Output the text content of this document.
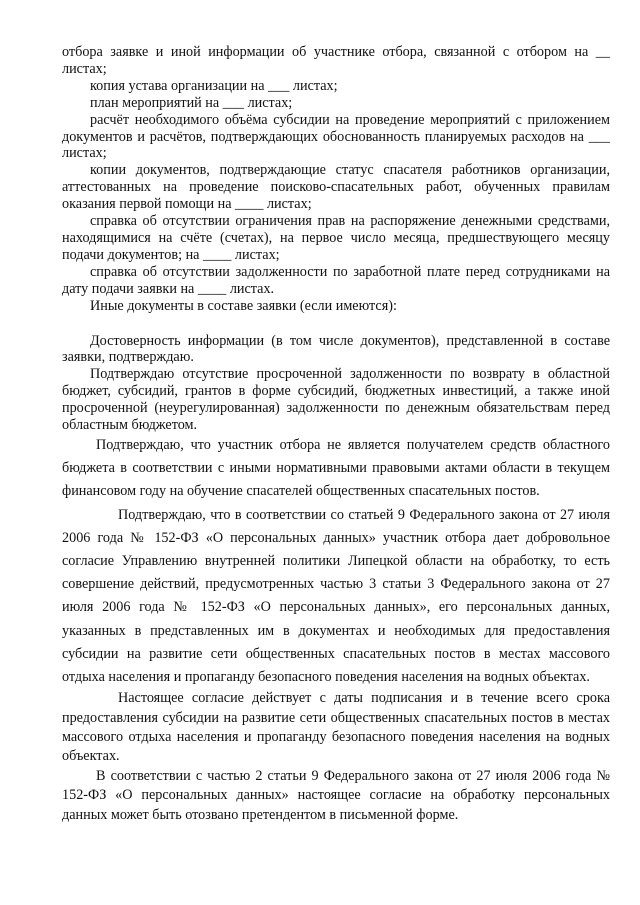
отбора заявке и иной информации об участнике отбора, связанной с отбором на __ листах;

копия устава организации на ___ листах;

план мероприятий на ___ листах;

расчёт необходимого объёма субсидии на проведение мероприятий с приложением документов и расчётов, подтверждающих обоснованность планируемых расходов на ___ листах;

копии документов, подтверждающие статус спасателя работников организации, аттестованных на проведение поисково-спасательных работ, обученных правилам оказания первой помощи на ____ листах;

справка об отсутствии ограничения прав на распоряжение денежными средствами, находящимися на счёте (счетах), на первое число месяца, предшествующего месяцу подачи документов; на ____ листах;

справка об отсутствии задолженности по заработной плате перед сотрудниками на дату подачи заявки на ____ листах.

Иные документы в составе заявки (если имеются):

Достоверность информации (в том числе документов), представленной в составе заявки, подтверждаю.

Подтверждаю отсутствие просроченной задолженности по возврату в областной бюджет, субсидий, грантов в форме субсидий, бюджетных инвестиций, а также иной просроченной (неурегулированная) задолженности по денежным обязательствам перед областным бюджетом.

Подтверждаю, что участник отбора не является получателем средств областного бюджета в соответствии с иными нормативными правовыми актами области в текущем финансовом году на обучение спасателей общественных спасательных постов.

Подтверждаю, что в соответствии со статьей 9 Федерального закона от 27 июля 2006 года № 152-ФЗ «О персональных данных» участник отбора дает добровольное согласие Управлению внутренней политики Липецкой области на обработку, то есть совершение действий, предусмотренных частью 3 статьи 3 Федерального закона от 27 июля 2006 года № 152-ФЗ «О персональных данных», его персональных данных, указанных в представленных им в документах и необходимых для предоставления субсидии на развитие сети общественных спасательных постов в местах массового отдыха населения и пропаганду безопасного поведения населения на водных объектах.

Настоящее согласие действует с даты подписания и в течение всего срока предоставления субсидии на развитие сети общественных спасательных постов в местах массового отдыха населения и пропаганду безопасного поведения населения на водных объектах.

В соответствии с частью 2 статьи 9 Федерального закона от 27 июля 2006 года № 152-ФЗ «О персональных данных» настоящее согласие на обработку персональных данных может быть отозвано претендентом в письменной форме.
